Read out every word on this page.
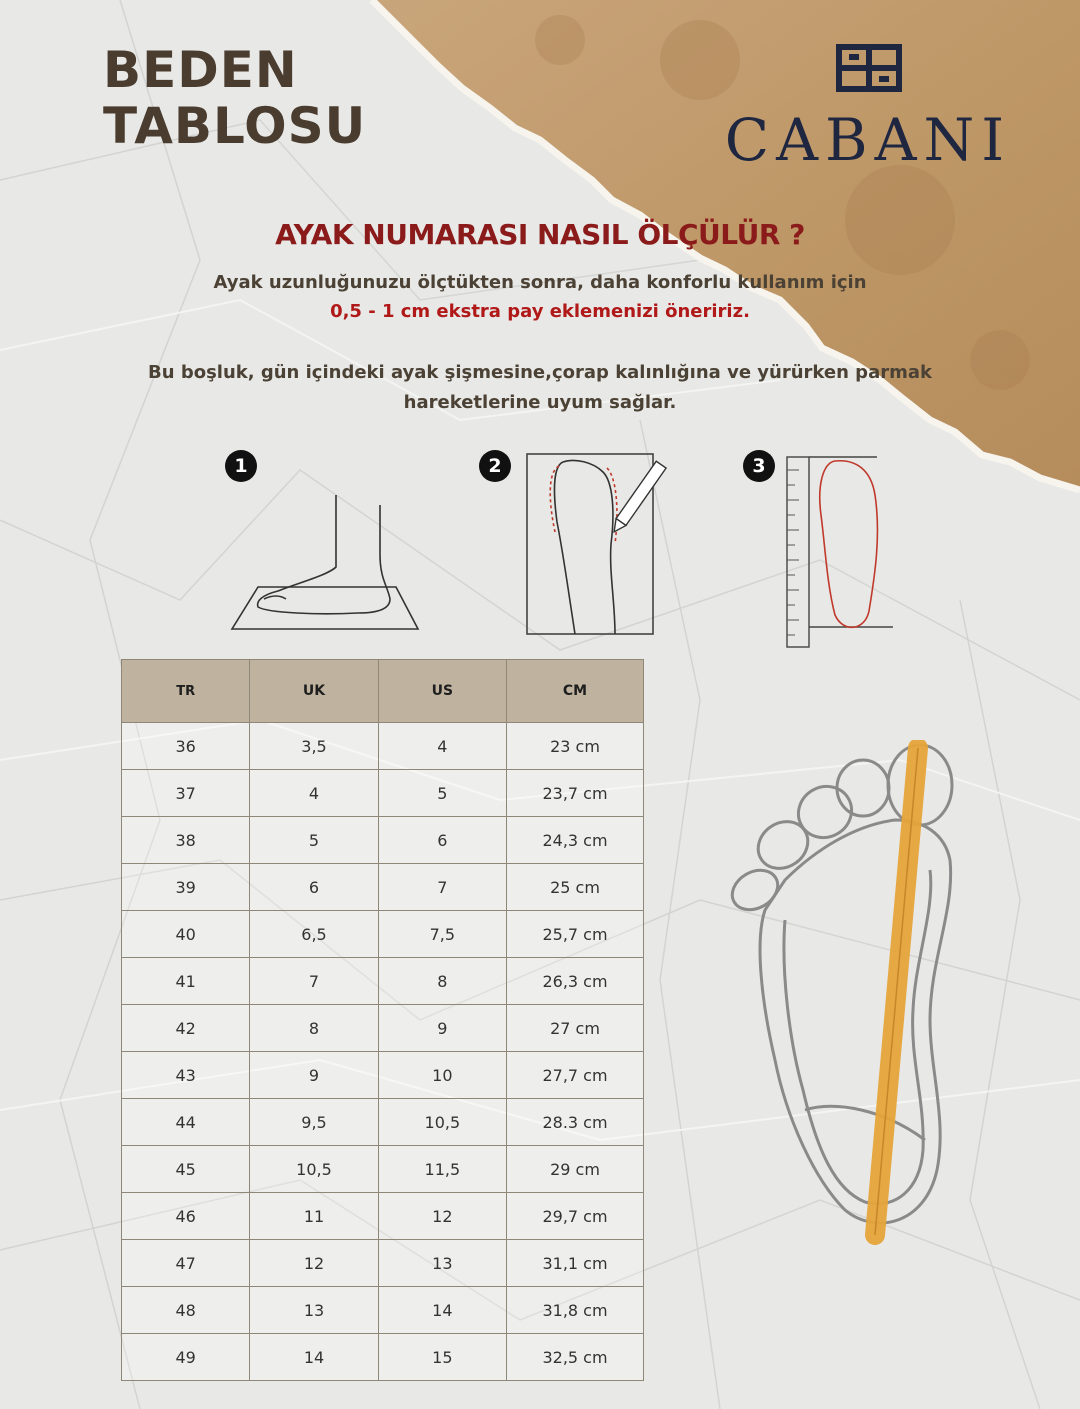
BEDEN
TABLOSU	CABANI
AYAK NUMARASI NASIL ÖLÇÜLÜR ?
Ayak uzunluğunuzu ölçtükten sonra, daha konforlu kullanım için
0,5 - 1 cm ekstra pay eklemenizi öneririz.
Bu boşluk, gün içindeki ayak şişmesine,çorap kalınlığına ve yürürken parmak
hareketlerine uyum sağlar.
1	2	3
TR	UK	US	CM
36	3,5	4	23 cm
37	4	5	23,7 cm
38	5	6	24,3 cm
39	6	7	25 cm
40	6,5	7,5	25,7 cm
41	7	8	26,3 cm
42	8	9	27 cm
43	9	10	27,7 cm
44	9,5	10,5	28.3 cm
45	10,5	11,5	29 cm
46	11	12	29,7 cm
47	12	13	31,1 cm
48	13	14	31,8 cm
49	14	15	32,5 cm
